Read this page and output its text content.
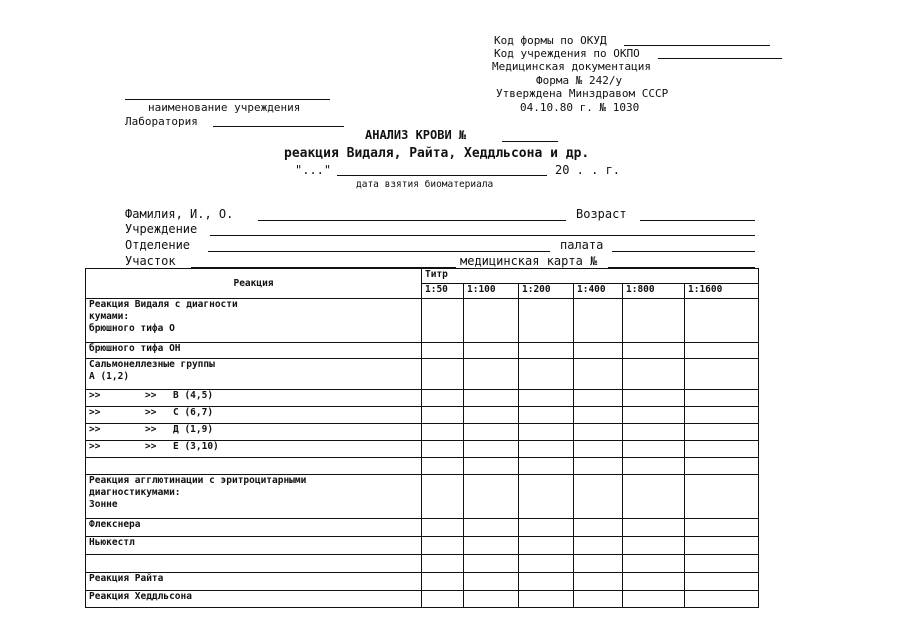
Код формы по ОКУД
Код учреждения по ОКПО
Медицинская документация
Форма № 242/у
Утверждена Минздравом СССР
04.10.80 г. № 1030
наименование учреждения
Лаборатория
АНАЛИЗ КРОВИ №
реакция Видаля, Райта, Хеддльсона и др.
"..."	20 . . г.
дата взятия биоматериала
Фамилия, И., О.	Возраст
Учреждение
Отделение	палата
Участок	медицинская карта №
Реакция	Титр					
	1:50	1:100	1:200	1:400	1:800	1:1600

Реакция Видаля с диагности
кумами:
брюшного тифа О						

брюшного тифа ОН						

Сальмонеллезные группы
А (1,2)						

>> >> В (4,5)						
>> >> С (6,7)						
>> >> Д (1,9)						
>> >> Е (3,10)						

Реакция агглютинации с эритроцитарными
диагностикумами:
Зонне						

Флекснера						

Ньюкестл						

Реакция Райта						

Реакция Хеддльсона						
